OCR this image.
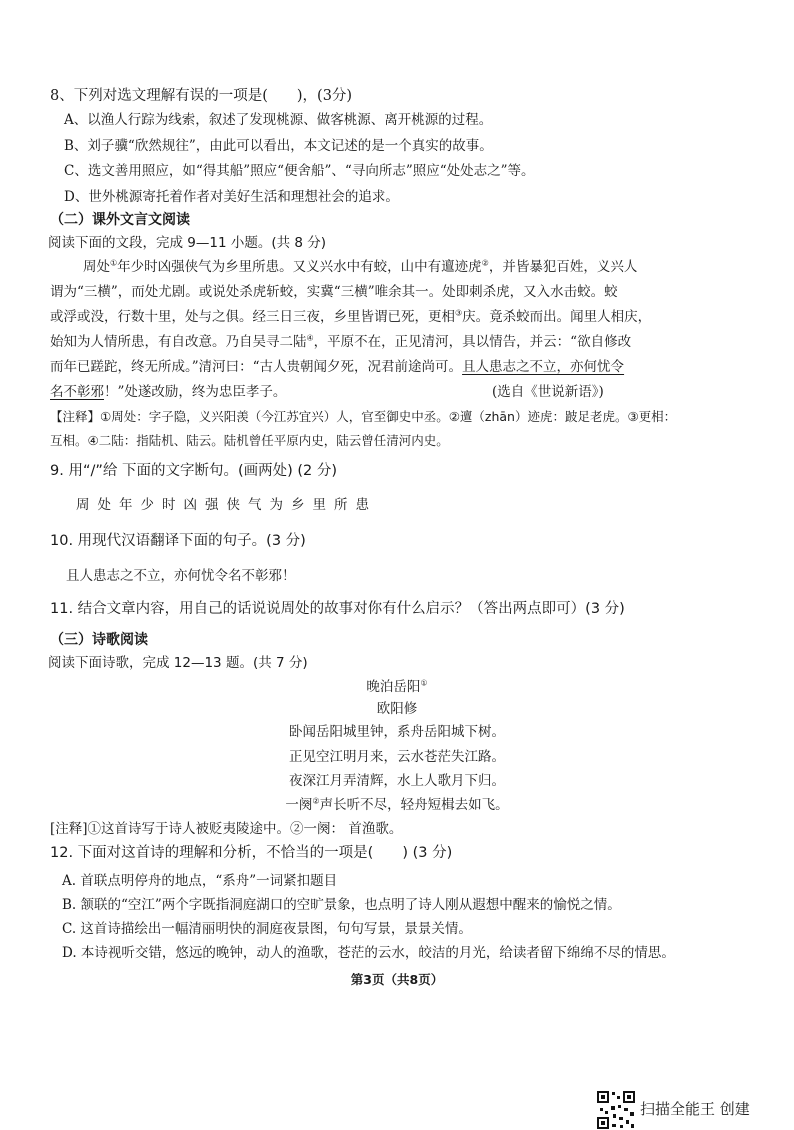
8、下列对选文理解有误的一项是(　　)，(3分)
A、以渔人行踪为线索，叙述了发现桃源、做客桃源、离开桃源的过程。
B、刘子骥“欣然规往”，由此可以看出，本文记述的是一个真实的故事。
C、选文善用照应，如“得其船”照应“便舍船”、“寻向所志”照应“处处志之”等。
D、世外桃源寄托着作者对美好生活和理想社会的追求。
（二）课外文言文阅读
阅读下面的文段，完成 9—11 小题。(共 8 分)
周处①年少时凶强侠气为乡里所患。又义兴水中有蛟，山中有邅迹虎②，并皆暴犯百姓，义兴人
谓为“三横”，而处尤剧。或说处杀虎斩蛟，实冀“三横”唯余其一。处即刺杀虎，又入水击蛟。蛟
或浮或没，行数十里，处与之俱。经三日三夜，乡里皆谓已死，更相③庆。竟杀蛟而出。闻里人相庆，
始知为人情所患，有自改意。乃自吴寻二陆④，平原不在，正见清河，具以情告，并云：“欲自修改
而年已蹉跎，终无所成。”清河曰：“古人贵朝闻夕死，况君前途尚可。且人患志之不立，亦何忧令
名不彰邪！”处遂改励，终为忠臣孝子。	(选自《世说新语》)
【注释】①周处：字子隐，义兴阳羡（今江苏宜兴）人，官至御史中丞。②邅（zhān）迹虎：跛足老虎。③更相：
互相。④二陆：指陆机、陆云。陆机曾任平原内史，陆云曾任清河内史。
9. 用“/”给 下面的文字断句。(画两处) (2 分)
周处年少时凶强侠气为乡里所患
10. 用现代汉语翻译下面的句子。(3 分)
且人患志之不立，亦何忧令名不彰邪！
11. 结合文章内容，用自己的话说说周处的故事对你有什么启示？（答出两点即可）(3 分)
（三）诗歌阅读
阅读下面诗歌，完成 12—13 题。(共 7 分)
晚泊岳阳①
欧阳修
卧闻岳阳城里钟，系舟岳阳城下树。
正见空江明月来，云水苍茫失江路。
夜深江月弄清辉，水上人歌月下归。
一阕②声长听不尽，轻舟短楫去如飞。
[注释]①这首诗写于诗人被贬夷陵途中。②一阕： 首渔歌。
12. 下面对这首诗的理解和分析，不恰当的一项是(　　) (3 分)
A. 首联点明停舟的地点，“系舟”一词紧扣题目
B. 颔联的“空江”两个字既指洞庭湖口的空旷景象，也点明了诗人刚从遐想中醒来的愉悦之情。
C. 这首诗描绘出一幅清丽明快的洞庭夜景图，句句写景，景景关情。
D. 本诗视听交错，悠远的晚钟，动人的渔歌，苍茫的云水，皎洁的月光，给读者留下绵绵不尽的情思。
第3页（共8页）
扫描全能王 创建
